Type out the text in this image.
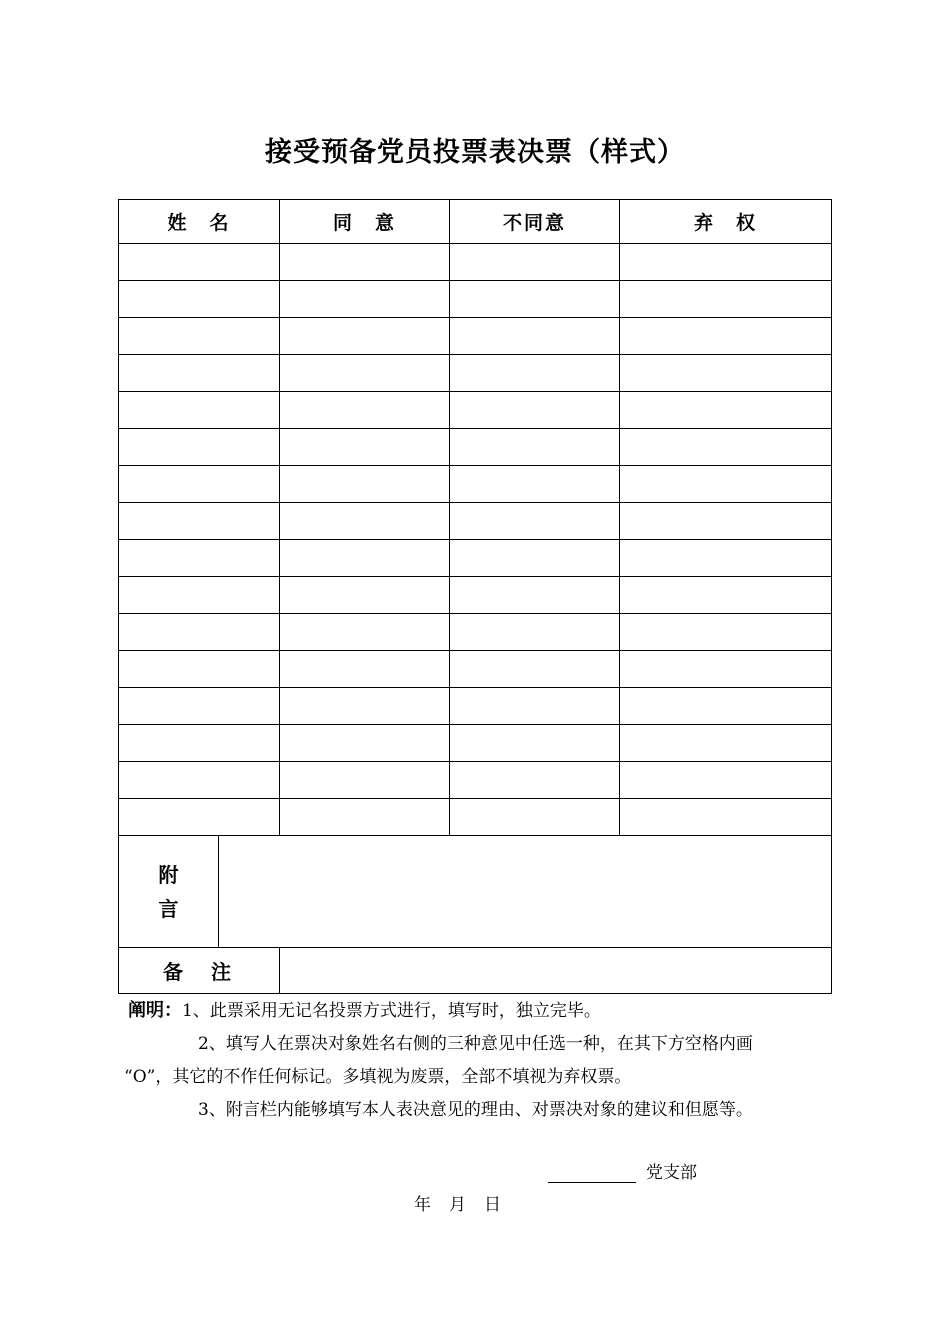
接受预备党员投票表决票（样式）
姓　名		同　意	不同意	弃　权

附
言				

备　注				
阐明：1、此票采用无记名投票方式进行，填写时，独立完毕。
2、填写人在票决对象姓名右侧的三种意见中任选一种，在其下方空格内画
“O”，其它的不作任何标记。多填视为废票，全部不填视为弃权票。
3、附言栏内能够填写本人表决意见的理由、对票决对象的建议和但愿等。
党支部
年 月 日
